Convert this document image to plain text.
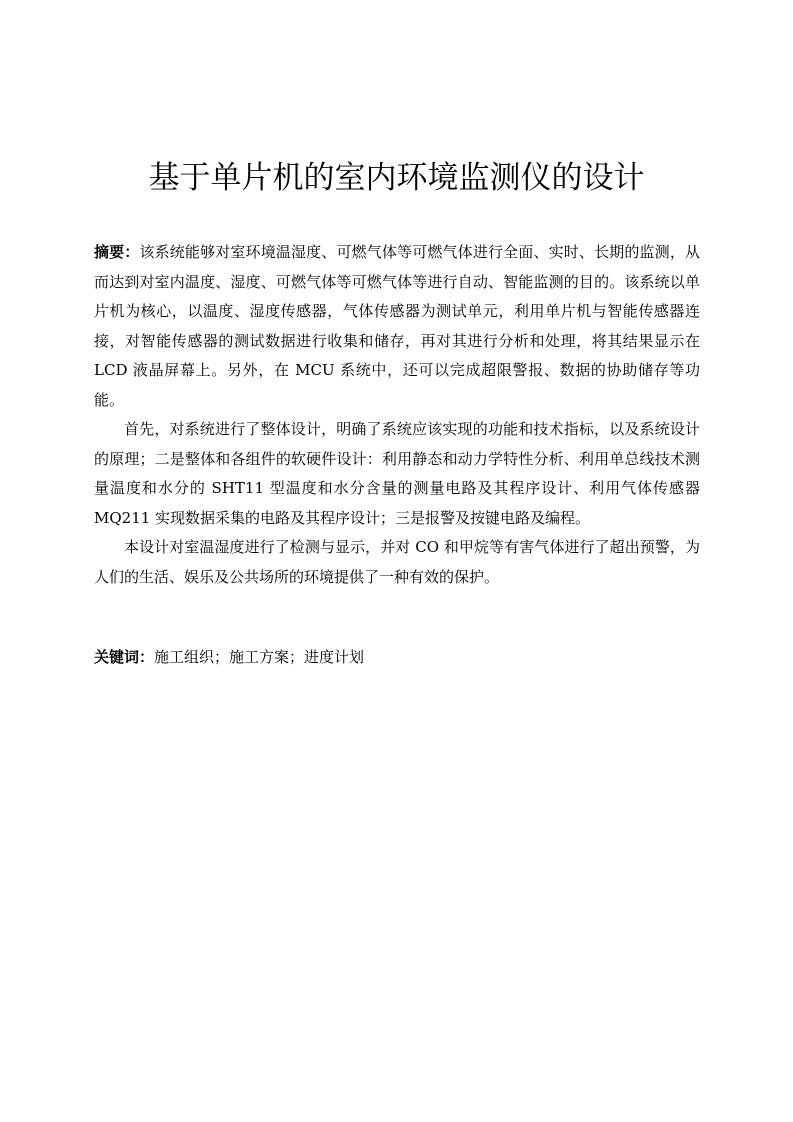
基于单片机的室内环境监测仪的设计

摘要：该系统能够对室环境温湿度、可燃气体等可燃气体进行全面、实时、长期的监测，从而达到对室内温度、湿度、可燃气体等可燃气体等进行自动、智能监测的目的。该系统以单片机为核心，以温度、湿度传感器，气体传感器为测试单元，利用单片机与智能传感器连接，对智能传感器的测试数据进行收集和储存，再对其进行分析和处理，将其结果显示在 LCD 液晶屏幕上。另外，在 MCU 系统中，还可以完成超限警报、数据的协助储存等功能。

首先，对系统进行了整体设计，明确了系统应该实现的功能和技术指标，以及系统设计的原理；二是整体和各组件的软硬件设计：利用静态和动力学特性分析、利用单总线技术测量温度和水分的 SHT11 型温度和水分含量的测量电路及其程序设计、利用气体传感器 MQ211 实现数据采集的电路及其程序设计；三是报警及按键电路及编程。

本设计对室温湿度进行了检测与显示，并对 CO 和甲烷等有害气体进行了超出预警，为人们的生活、娱乐及公共场所的环境提供了一种有效的保护。

关键词：施工组织；施工方案；进度计划
